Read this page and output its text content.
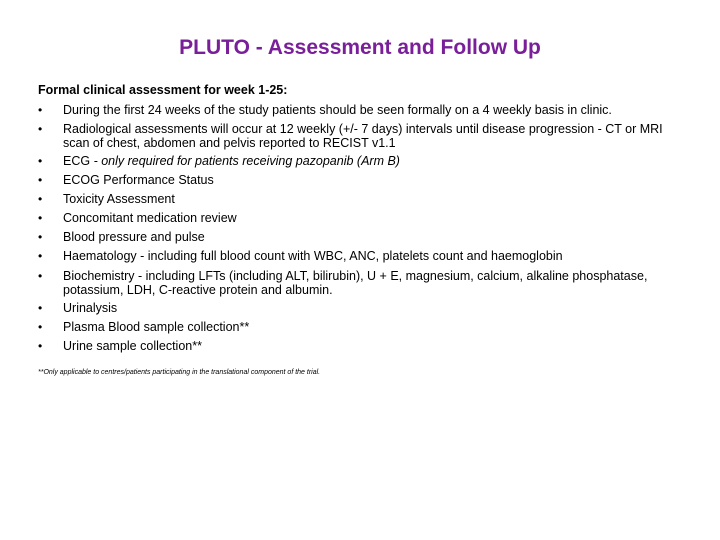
PLUTO - Assessment and Follow Up

Formal clinical assessment for week 1-25:

• During the first 24 weeks of the study patients should be seen formally on a 4 weekly basis in clinic.
• Radiological assessments will occur at 12 weekly (+/- 7 days) intervals until disease progression - CT or MRI scan of chest, abdomen and pelvis reported to RECIST v1.1
• ECG - only required for patients receiving pazopanib (Arm B)
• ECOG Performance Status
• Toxicity Assessment
• Concomitant medication review
• Blood pressure and pulse
• Haematology - including full blood count with WBC, ANC, platelets count and haemoglobin
• Biochemistry - including LFTs (including ALT, bilirubin), U + E, magnesium, calcium, alkaline phosphatase, potassium, LDH, C-reactive protein and albumin.
• Urinalysis
• Plasma Blood sample collection**
• Urine sample collection**
**Only applicable to centres/patients participating in the translational component of the trial.
